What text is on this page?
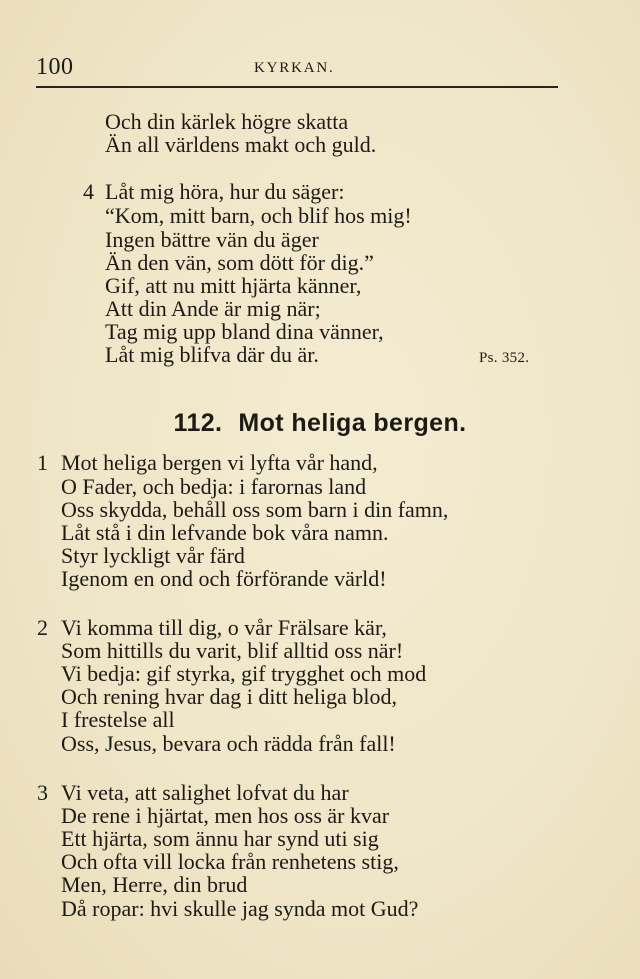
100	KYRKAN.
Och din kärlek högre skatta
Än all världens makt och guld.
4 Låt mig höra, hur du säger:
“Kom, mitt barn, och blif hos mig!
Ingen bättre vän du äger
Än den vän, som dött för dig.”
Gif, att nu mitt hjärta känner,
Att din Ande är mig när;
Tag mig upp bland dina vänner,
Låt mig blifva där du är.	Ps. 352.
112. Mot heliga bergen.
1 Mot heliga bergen vi lyfta vår hand,
O Fader, och bedja: i farornas land
Oss skydda, behåll oss som barn i din famn,
Låt stå i din lefvande bok våra namn.
Styr lyckligt vår färd
Igenom en ond och förförande värld!
2 Vi komma till dig, o vår Frälsare kär,
Som hittills du varit, blif alltid oss när!
Vi bedja: gif styrka, gif trygghet och mod
Och rening hvar dag i ditt heliga blod,
I frestelse all
Oss, Jesus, bevara och rädda från fall!
3 Vi veta, att salighet lofvat du har
De rene i hjärtat, men hos oss är kvar
Ett hjärta, som ännu har synd uti sig
Och ofta vill locka från renhetens stig,
Men, Herre, din brud
Då ropar: hvi skulle jag synda mot Gud?
